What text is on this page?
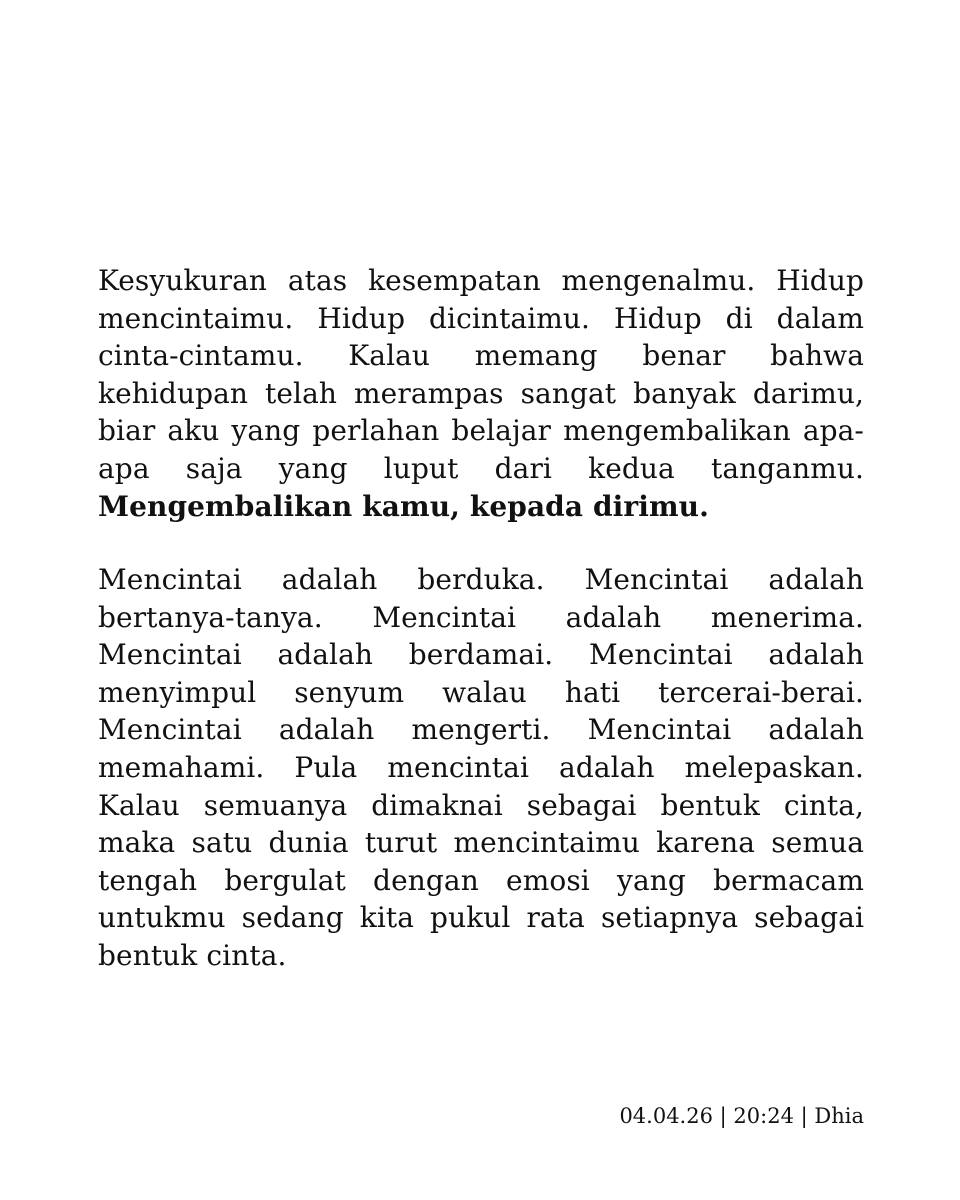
Kesyukuran atas kesempatan mengenalmu. Hidup mencintaimu. Hidup dicintaimu. Hidup di dalam cinta-cintamu. Kalau memang benar bahwa kehidupan telah merampas sangat banyak darimu, biar aku yang perlahan belajar mengembalikan apa-apa saja yang luput dari kedua tanganmu. Mengembalikan kamu, kepada dirimu.

Mencintai adalah berduka. Mencintai adalah bertanya-tanya. Mencintai adalah menerima. Mencintai adalah berdamai. Mencintai adalah menyimpul senyum walau hati tercerai-berai. Mencintai adalah mengerti. Mencintai adalah memahami. Pula mencintai adalah melepaskan. Kalau semuanya dimaknai sebagai bentuk cinta, maka satu dunia turut mencintaimu karena semua tengah bergulat dengan emosi yang bermacam untukmu sedang kita pukul rata setiapnya sebagai bentuk cinta.

04.04.26 | 20:24 | Dhia
